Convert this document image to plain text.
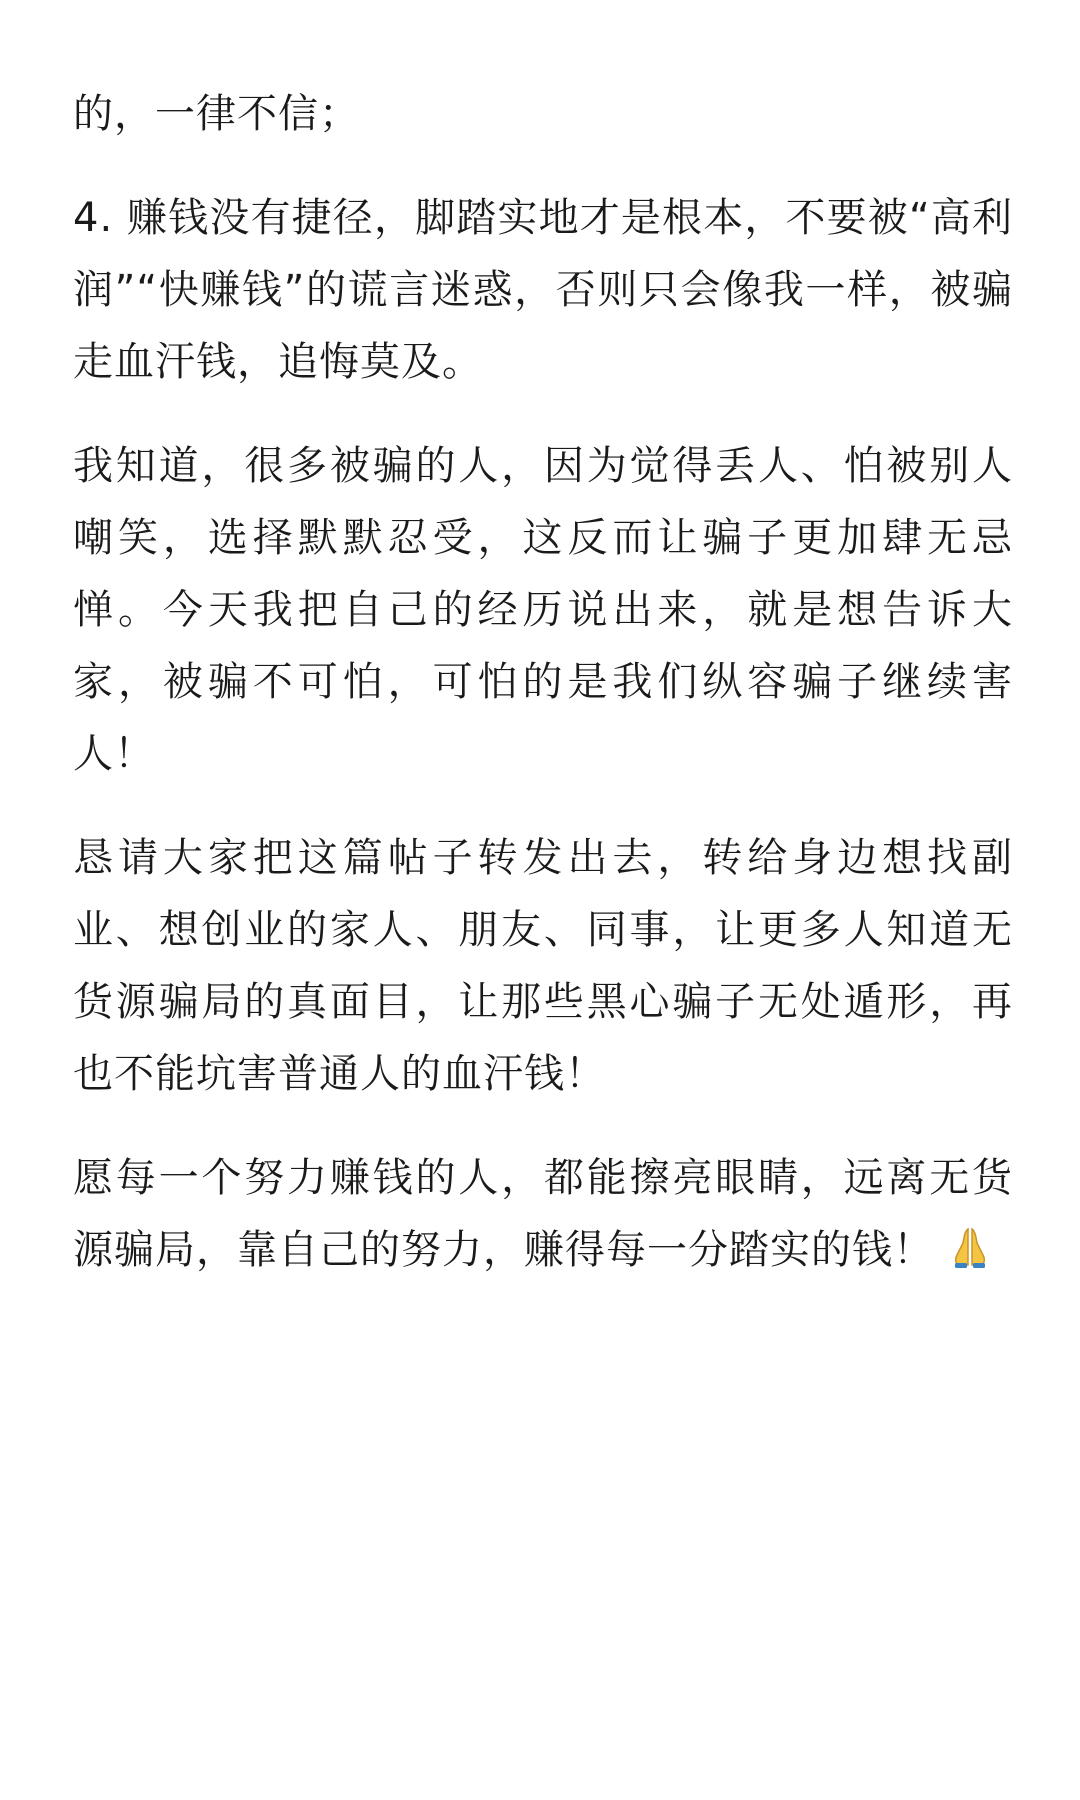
的，一律不信；

4. 赚钱没有捷径，脚踏实地才是根本，不要被“高利润”“快赚钱”的谎言迷惑，否则只会像我一样，被骗走血汗钱，追悔莫及。

我知道，很多被骗的人，因为觉得丢人、怕被别人嘲笑，选择默默忍受，这反而让骗子更加肆无忌惮。今天我把自己的经历说出来，就是想告诉大家，被骗不可怕，可怕的是我们纵容骗子继续害人！

恳请大家把这篇帖子转发出去，转给身边想找副业、想创业的家人、朋友、同事，让更多人知道无货源骗局的真面目，让那些黑心骗子无处遁形，再也不能坑害普通人的血汗钱！

愿每一个努力赚钱的人，都能擦亮眼睛，远离无货源骗局，靠自己的努力，赚得每一分踏实的钱！
